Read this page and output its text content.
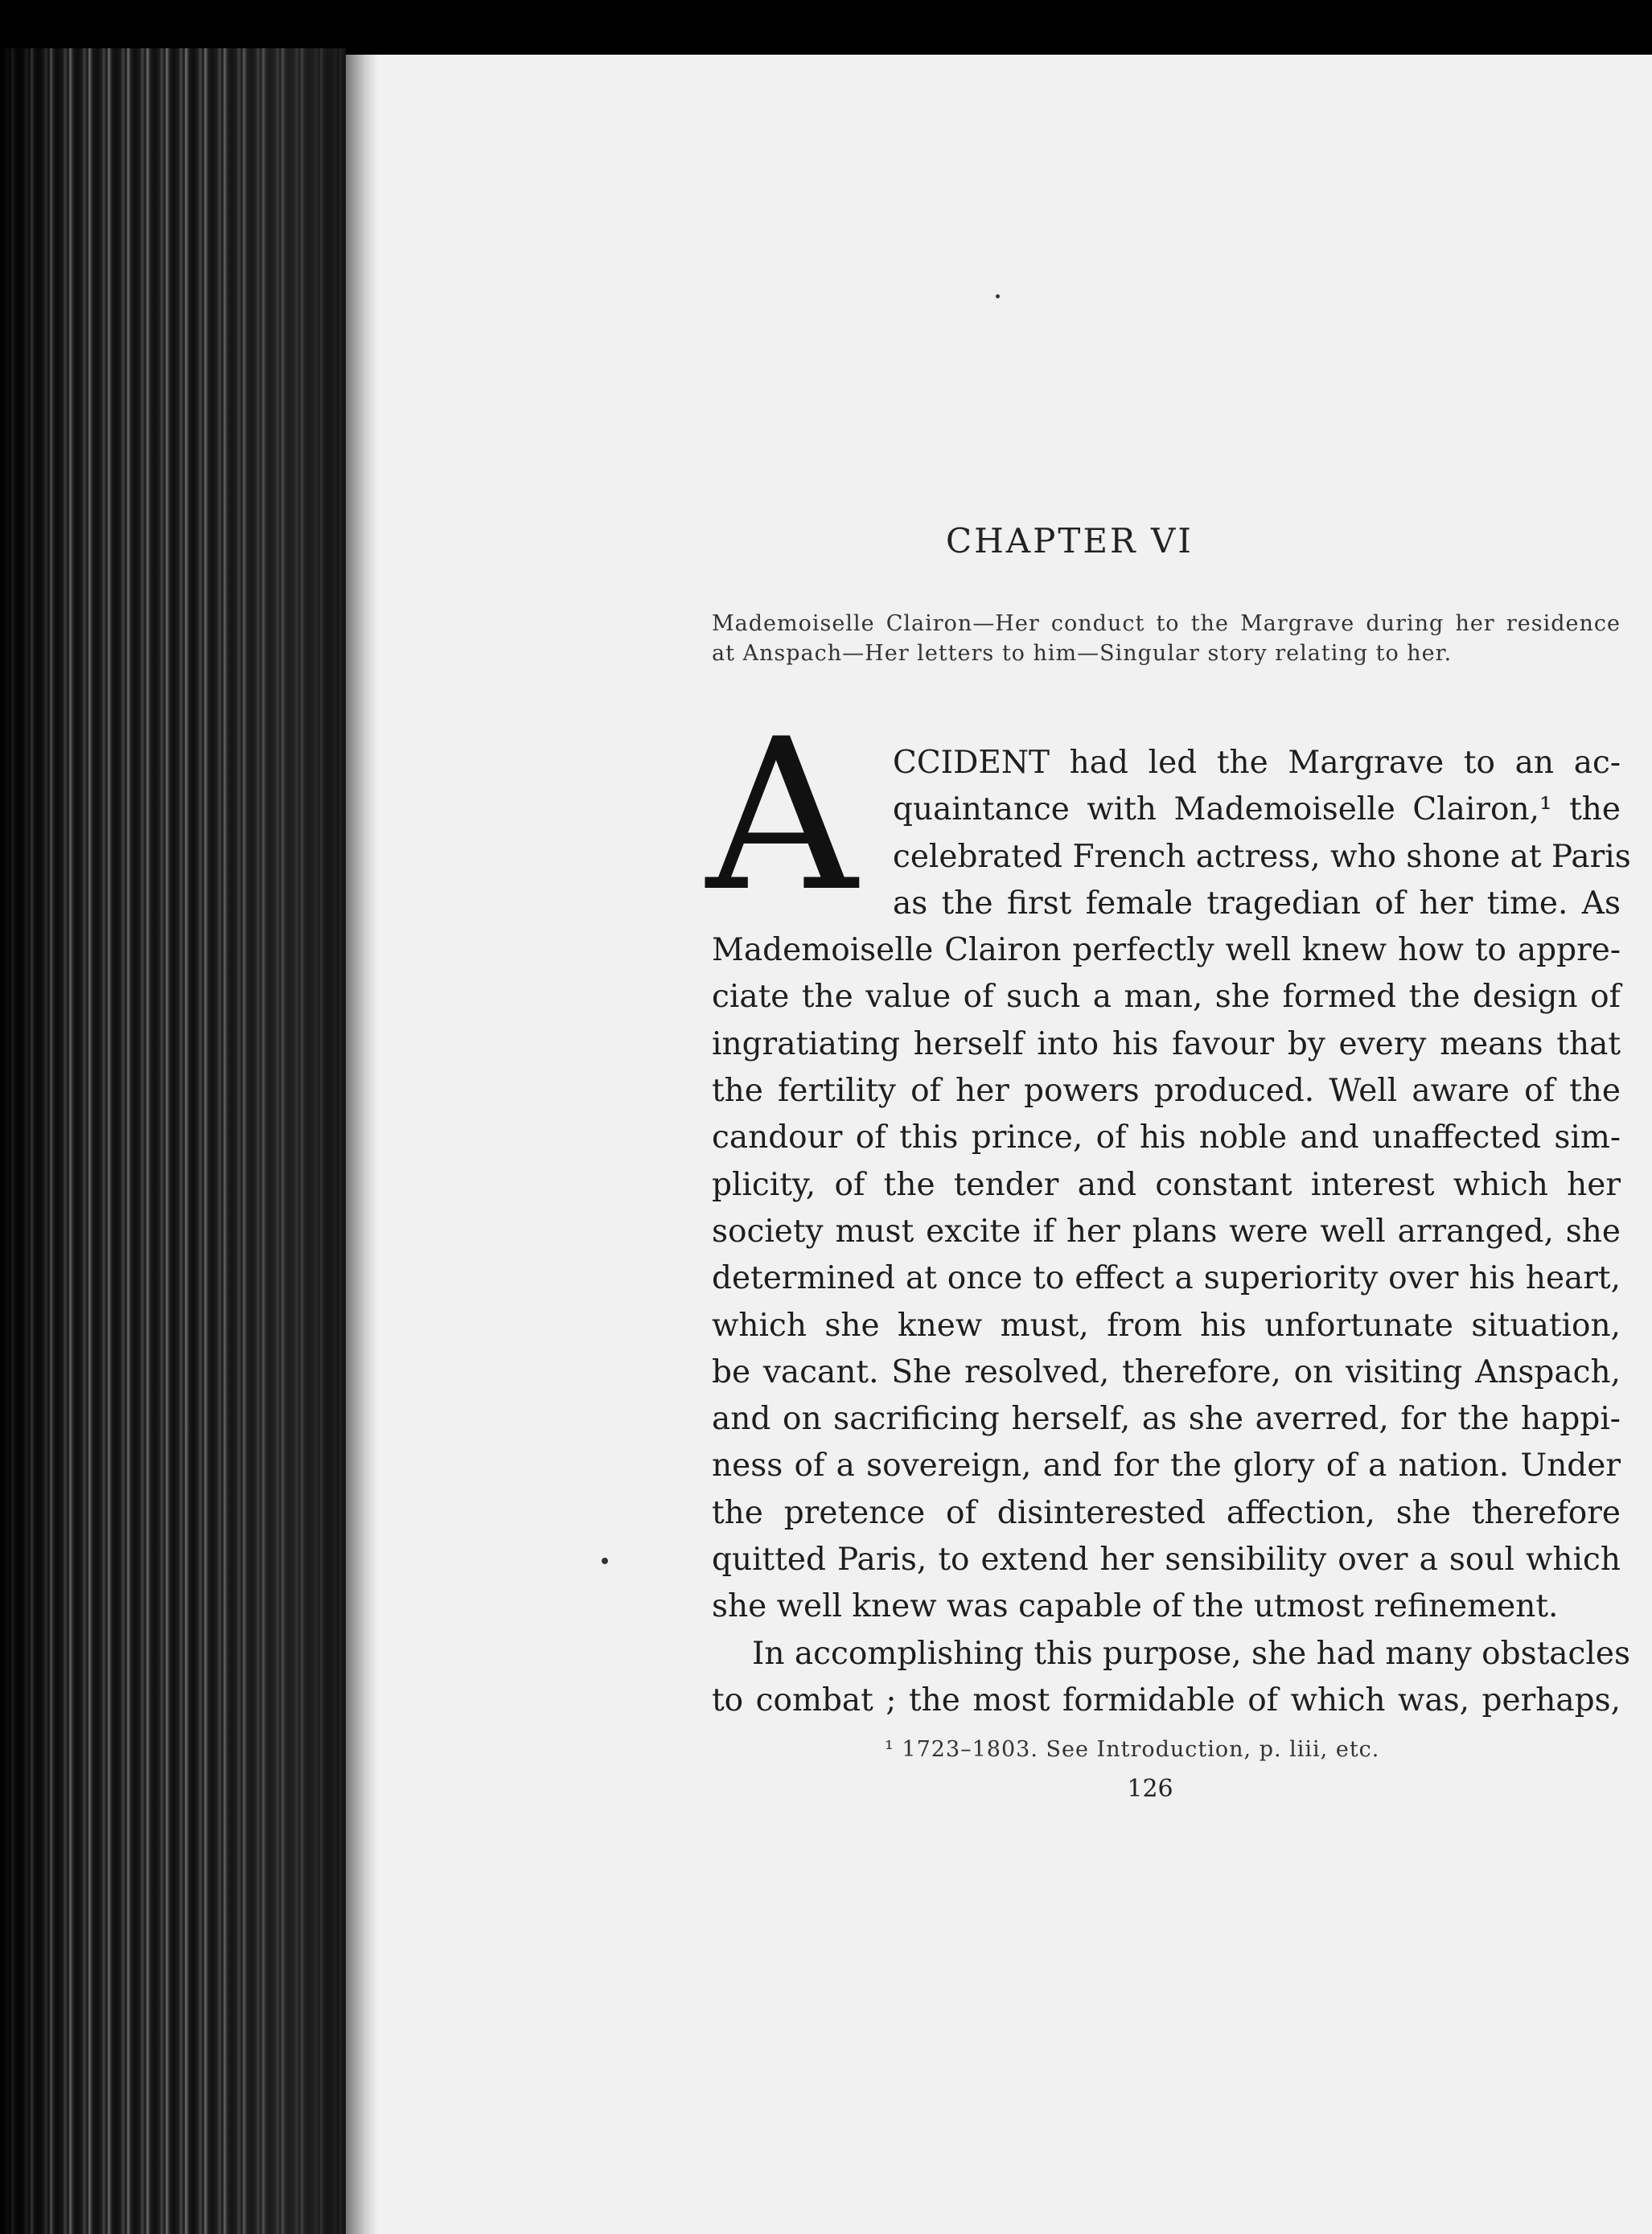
CHAPTER VI
Mademoiselle Clairon—Her conduct to the Margrave during her residence at Anspach—Her letters to him—Singular story relating to her.
A	CCIDENT had led the Margrave to an ac-
quaintance with Mademoiselle Clairon,¹ the
celebrated French actress, who shone at Paris
as the first female tragedian of her time. As
Mademoiselle Clairon perfectly well knew how to appre-
ciate the value of such a man, she formed the design of
ingratiating herself into his favour by every means that
the fertility of her powers produced. Well aware of the
candour of this prince, of his noble and unaffected sim-
plicity, of the tender and constant interest which her
society must excite if her plans were well arranged, she
determined at once to effect a superiority over his heart,
which she knew must, from his unfortunate situation,
be vacant. She resolved, therefore, on visiting Anspach,
and on sacrificing herself, as she averred, for the happi-
ness of a sovereign, and for the glory of a nation. Under
the pretence of disinterested affection, she therefore
quitted Paris, to extend her sensibility over a soul which
she well knew was capable of the utmost refinement.
In accomplishing this purpose, she had many obstacles
to combat ; the most formidable of which was, perhaps,
¹ 1723–1803. See Introduction, p. liii, etc.
126
